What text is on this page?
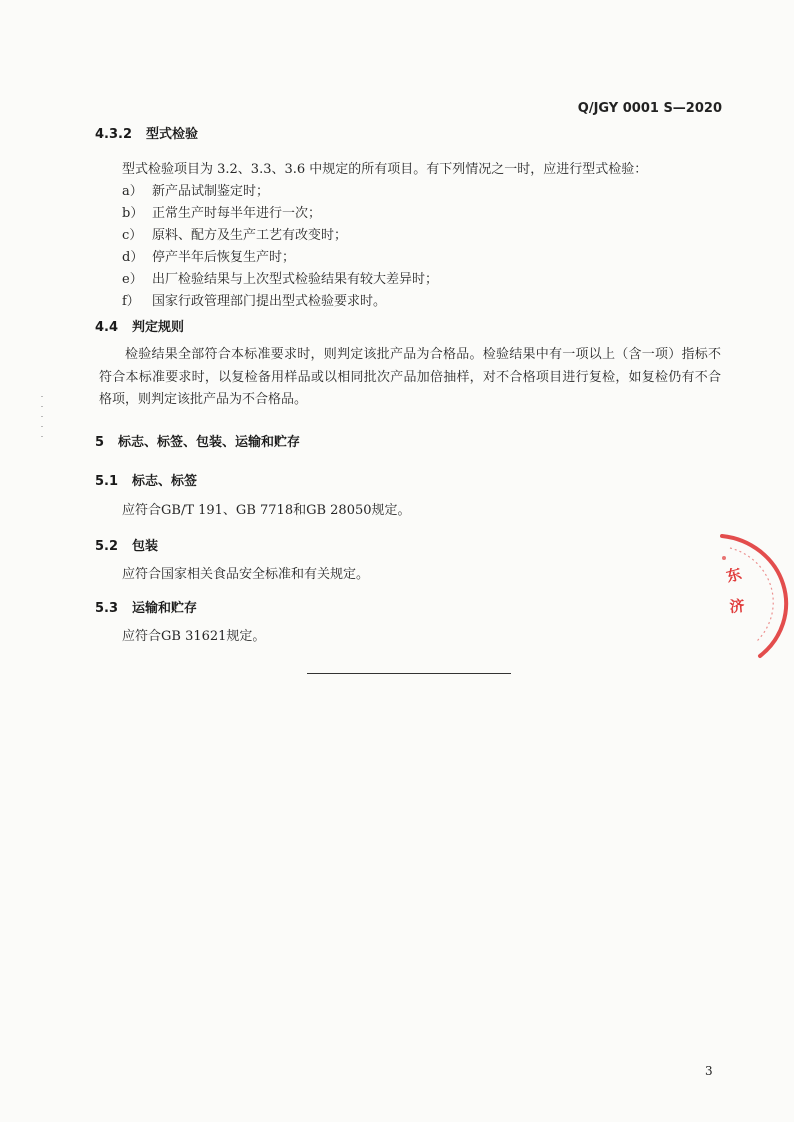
Q/JGY 0001 S—2020
4.3.2 型式检验
型式检验项目为 3.2、3.3、3.6 中规定的所有项目。有下列情况之一时，应进行型式检验：
a） 新产品试制鉴定时；
b） 正常生产时每半年进行一次；
c） 原料、配方及生产工艺有改变时；
d） 停产半年后恢复生产时；
e） 出厂检验结果与上次型式检验结果有较大差异时；
f） 国家行政管理部门提出型式检验要求时。
4.4 判定规则
检验结果全部符合本标准要求时，则判定该批产品为合格品。检验结果中有一项以上（含一项）指标不符合本标准要求时，以复检备用样品或以相同批次产品加倍抽样，对不合格项目进行复检，如复检仍有不合格项，则判定该批产品为不合格品。
5 标志、标签、包装、运输和贮存
5.1 标志、标签
应符合GB/T 191、GB 7718和GB 28050规定。
5.2 包装
应符合国家相关食品安全标准和有关规定。
5.3 运输和贮存
应符合GB 31621规定。
东
济
3
